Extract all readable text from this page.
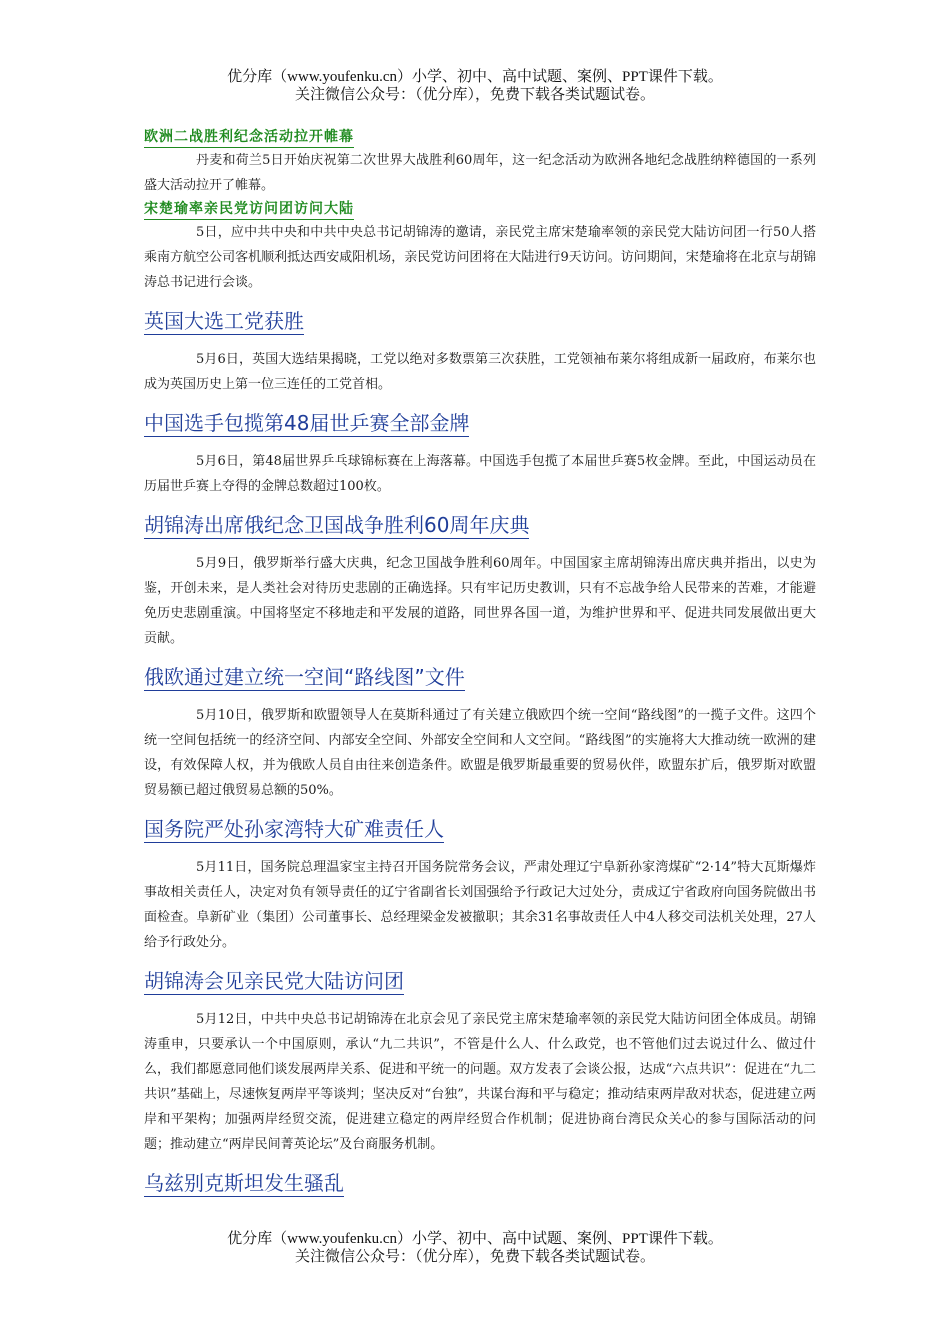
优分库（www.youfenku.cn）小学、初中、高中试题、案例、PPT课件下载。
关注微信公众号：（优分库），免费下载各类试题试卷。
欧洲二战胜利纪念活动拉开帷幕

丹麦和荷兰5日开始庆祝第二次世界大战胜利60周年，这一纪念活动为欧洲各地纪念战胜纳粹德国的一系列盛大活动拉开了帷幕。

宋楚瑜率亲民党访问团访问大陆

5日，应中共中央和中共中央总书记胡锦涛的邀请，亲民党主席宋楚瑜率领的亲民党大陆访问团一行50人搭乘南方航空公司客机顺利抵达西安咸阳机场，亲民党访问团将在大陆进行9天访问。访问期间，宋楚瑜将在北京与胡锦涛总书记进行会谈。

英国大选工党获胜

5月6日，英国大选结果揭晓，工党以绝对多数票第三次获胜，工党领袖布莱尔将组成新一届政府，布莱尔也成为英国历史上第一位三连任的工党首相。

中国选手包揽第48届世乒赛全部金牌

5月6日，第48届世界乒乓球锦标赛在上海落幕。中国选手包揽了本届世乒赛5枚金牌。至此，中国运动员在历届世乒赛上夺得的金牌总数超过100枚。

胡锦涛出席俄纪念卫国战争胜利60周年庆典

5月9日，俄罗斯举行盛大庆典，纪念卫国战争胜利60周年。中国国家主席胡锦涛出席庆典并指出，以史为鉴，开创未来，是人类社会对待历史悲剧的正确选择。只有牢记历史教训，只有不忘战争给人民带来的苦难，才能避免历史悲剧重演。中国将坚定不移地走和平发展的道路，同世界各国一道，为维护世界和平、促进共同发展做出更大贡献。

俄欧通过建立统一空间“路线图”文件

5月10日，俄罗斯和欧盟领导人在莫斯科通过了有关建立俄欧四个统一空间“路线图”的一揽子文件。这四个统一空间包括统一的经济空间、内部安全空间、外部安全空间和人文空间。“路线图”的实施将大大推动统一欧洲的建设，有效保障人权，并为俄欧人员自由往来创造条件。欧盟是俄罗斯最重要的贸易伙伴，欧盟东扩后，俄罗斯对欧盟贸易额已超过俄贸易总额的50%。

国务院严处孙家湾特大矿难责任人

5月11日，国务院总理温家宝主持召开国务院常务会议，严肃处理辽宁阜新孙家湾煤矿“2·14”特大瓦斯爆炸事故相关责任人，决定对负有领导责任的辽宁省副省长刘国强给予行政记大过处分，责成辽宁省政府向国务院做出书面检查。阜新矿业（集团）公司董事长、总经理梁金发被撤职；其余31名事故责任人中4人移交司法机关处理，27人给予行政处分。

胡锦涛会见亲民党大陆访问团

5月12日，中共中央总书记胡锦涛在北京会见了亲民党主席宋楚瑜率领的亲民党大陆访问团全体成员。胡锦涛重申，只要承认一个中国原则，承认“九二共识”，不管是什么人、什么政党，也不管他们过去说过什么、做过什么，我们都愿意同他们谈发展两岸关系、促进和平统一的问题。双方发表了会谈公报，达成“六点共识”：促进在“九二共识”基础上，尽速恢复两岸平等谈判；坚决反对“台独”，共谋台海和平与稳定；推动结束两岸敌对状态，促进建立两岸和平架构；加强两岸经贸交流，促进建立稳定的两岸经贸合作机制；促进协商台湾民众关心的参与国际活动的问题；推动建立“两岸民间菁英论坛”及台商服务机制。

乌兹别克斯坦发生骚乱
优分库（www.youfenku.cn）小学、初中、高中试题、案例、PPT课件下载。
关注微信公众号：（优分库），免费下载各类试题试卷。
